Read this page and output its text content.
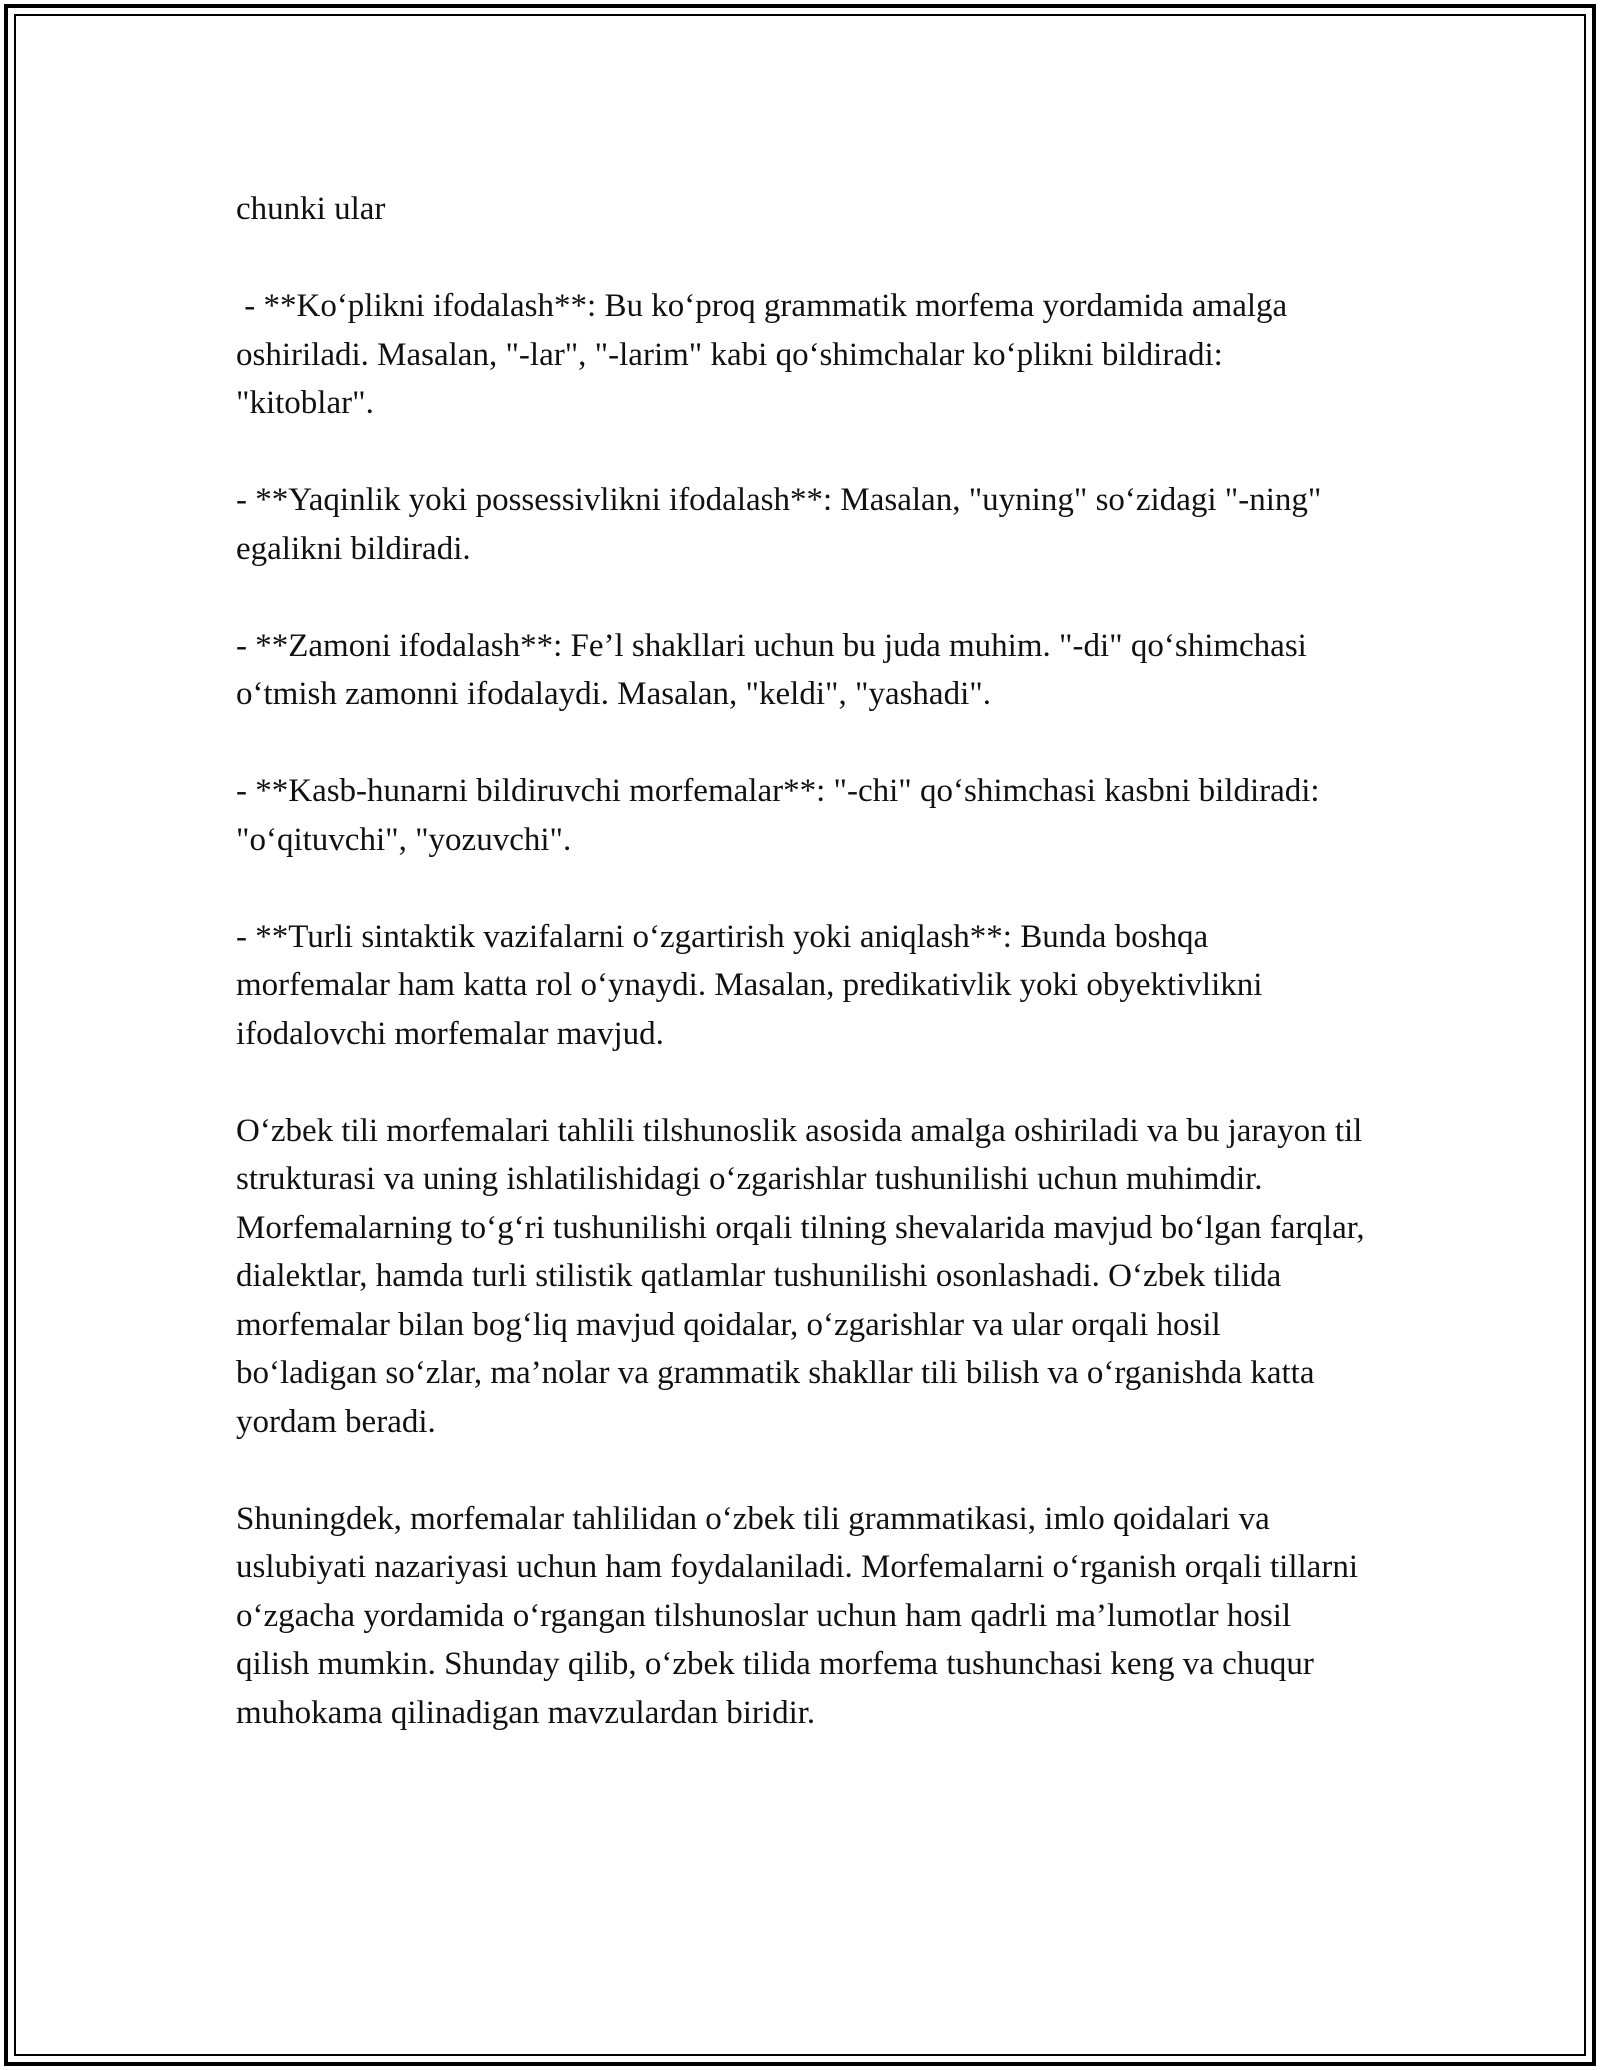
chunki ular

- **Ko‘plikni ifodalash**: Bu ko‘proq grammatik morfema yordamida amalga oshiriladi. Masalan, "-lar", "-larim" kabi qo‘shimchalar ko‘plikni bildiradi: "kitoblar".

- **Yaqinlik yoki possessivlikni ifodalash**: Masalan, "uyning" so‘zidagi "-ning" egalikni bildiradi.

- **Zamoni ifodalash**: Fe’l shakllari uchun bu juda muhim. "-di" qo‘shimchasi o‘tmish zamonni ifodalaydi. Masalan, "keldi", "yashadi".

- **Kasb-hunarni bildiruvchi morfemalar**: "-chi" qo‘shimchasi kasbni bildiradi: "o‘qituvchi", "yozuvchi".

- **Turli sintaktik vazifalarni o‘zgartirish yoki aniqlash**: Bunda boshqa morfemalar ham katta rol o‘ynaydi. Masalan, predikativlik yoki obyektivlikni ifodalovchi morfemalar mavjud.

O‘zbek tili morfemalari tahlili tilshunoslik asosida amalga oshiriladi va bu jarayon til strukturasi va uning ishlatilishidagi o‘zgarishlar tushunilishi uchun muhimdir. Morfemalarning to‘g‘ri tushunilishi orqali tilning shevalarida mavjud bo‘lgan farqlar, dialektlar, hamda turli stilistik qatlamlar tushunilishi osonlashadi. O‘zbek tilida morfemalar bilan bog‘liq mavjud qoidalar, o‘zgarishlar va ular orqali hosil bo‘ladigan so‘zlar, ma’nolar va grammatik shakllar tili bilish va o‘rganishda katta yordam beradi.

Shuningdek, morfemalar tahlilidan o‘zbek tili grammatikasi, imlo qoidalari va uslubiyati nazariyasi uchun ham foydalaniladi. Morfemalarni o‘rganish orqali tillarni o‘zgacha yordamida o‘rgangan tilshunoslar uchun ham qadrli ma’lumotlar hosil qilish mumkin. Shunday qilib, o‘zbek tilida morfema tushunchasi keng va chuqur muhokama qilinadigan mavzulardan biridir.
